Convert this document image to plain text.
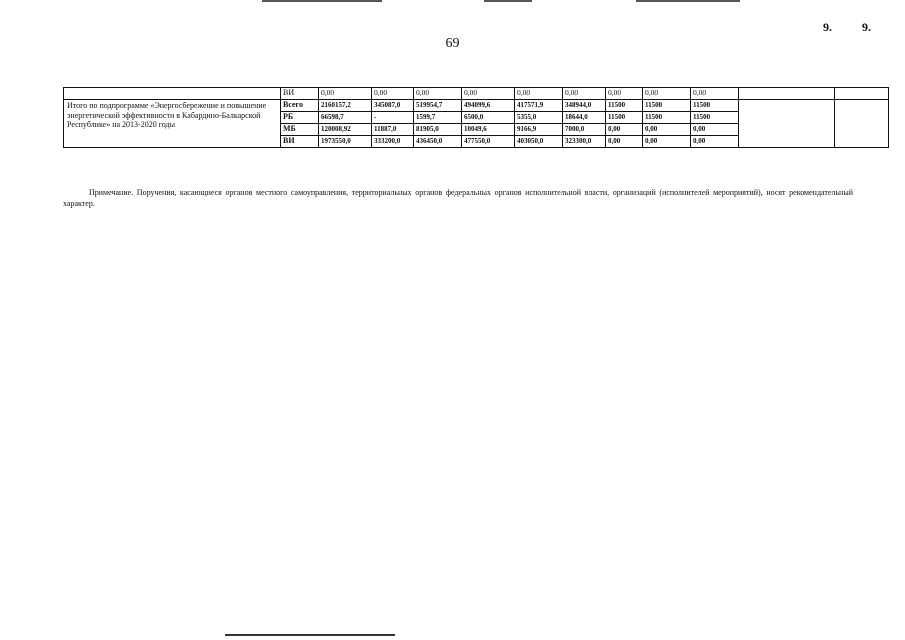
9.	9.
69
	ВИ	0,00	0,00	0,00	0,00	0,00	0,00	0,00	0,00	0,00		
Итого по подпрограмме «Энергосбережение и повышение энергетической эффективности в Кабардино-Балкарской Республике» на 2013-2020 годы	Всего	2160157,2	345087,0	519954,7	494099,6	417571,9	348944,0	11500	11500	11500		
	РБ	66598,7	-	1599,7	6500,0	5355,0	18644,0	11500	11500	11500		
	МБ	120008,92	11887,0	81905,0	10049,6	9166,9	7000,0	0,00	0,00	0,00		
	ВИ	1973550,0	333200,0	436450,0	477550,0	403050,0	323300,0	0,00	0,00	0,00		

Примечание. Поручения, касающиеся органов местного самоуправления, территориальных органов федеральных органов исполнительной власти, организаций (исполнителей мероприятий), носят рекомендательный характер.
